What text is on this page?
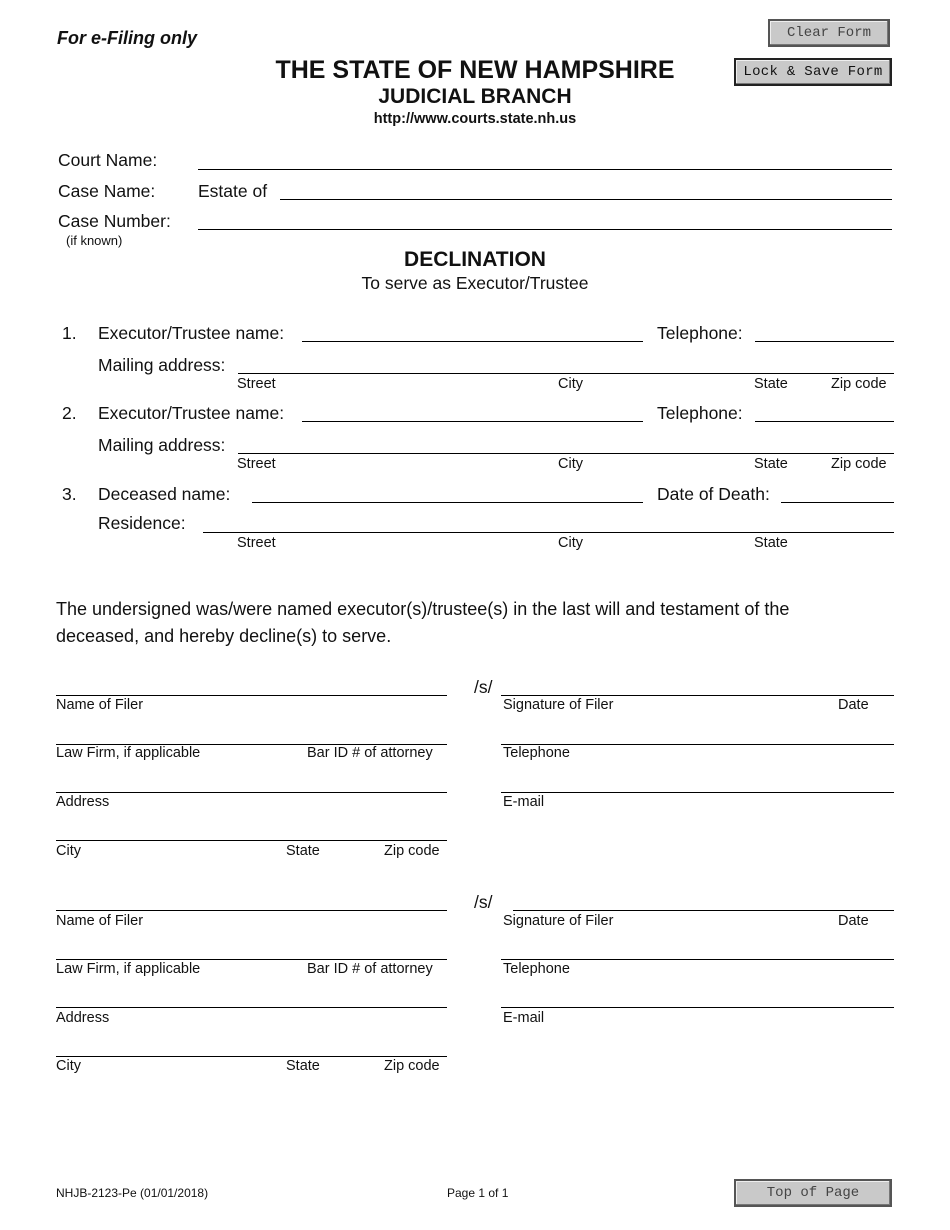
For e-Filing only
THE STATE OF NEW HAMPSHIRE
JUDICIAL BRANCH
http://www.courts.state.nh.us
Clear Form
Lock & Save Form
Court Name:
Case Name: Estate of
Case Number:
(if known)
DECLINATION
To serve as Executor/Trustee
1. Executor/Trustee name:	Telephone:
Mailing address:
Street	City	State	Zip code
2. Executor/Trustee name:	Telephone:
Mailing address:
Street	City	State	Zip code
3. Deceased name:	Date of Death:
Residence:
Street	City	State
The undersigned was/were named executor(s)/trustee(s) in the last will and testament of the
deceased, and hereby decline(s) to serve.
Name of Filer
/s/
Signature of Filer	Date
Law Firm, if applicable	Bar ID # of attorney	Telephone
Address	E-mail
City	State	Zip code
Name of Filer
/s/
Signature of Filer	Date
Law Firm, if applicable	Bar ID # of attorney	Telephone
Address	E-mail
City	State	Zip code
NHJB-2123-Pe (01/01/2018)	Page 1 of 1	Top of Page
